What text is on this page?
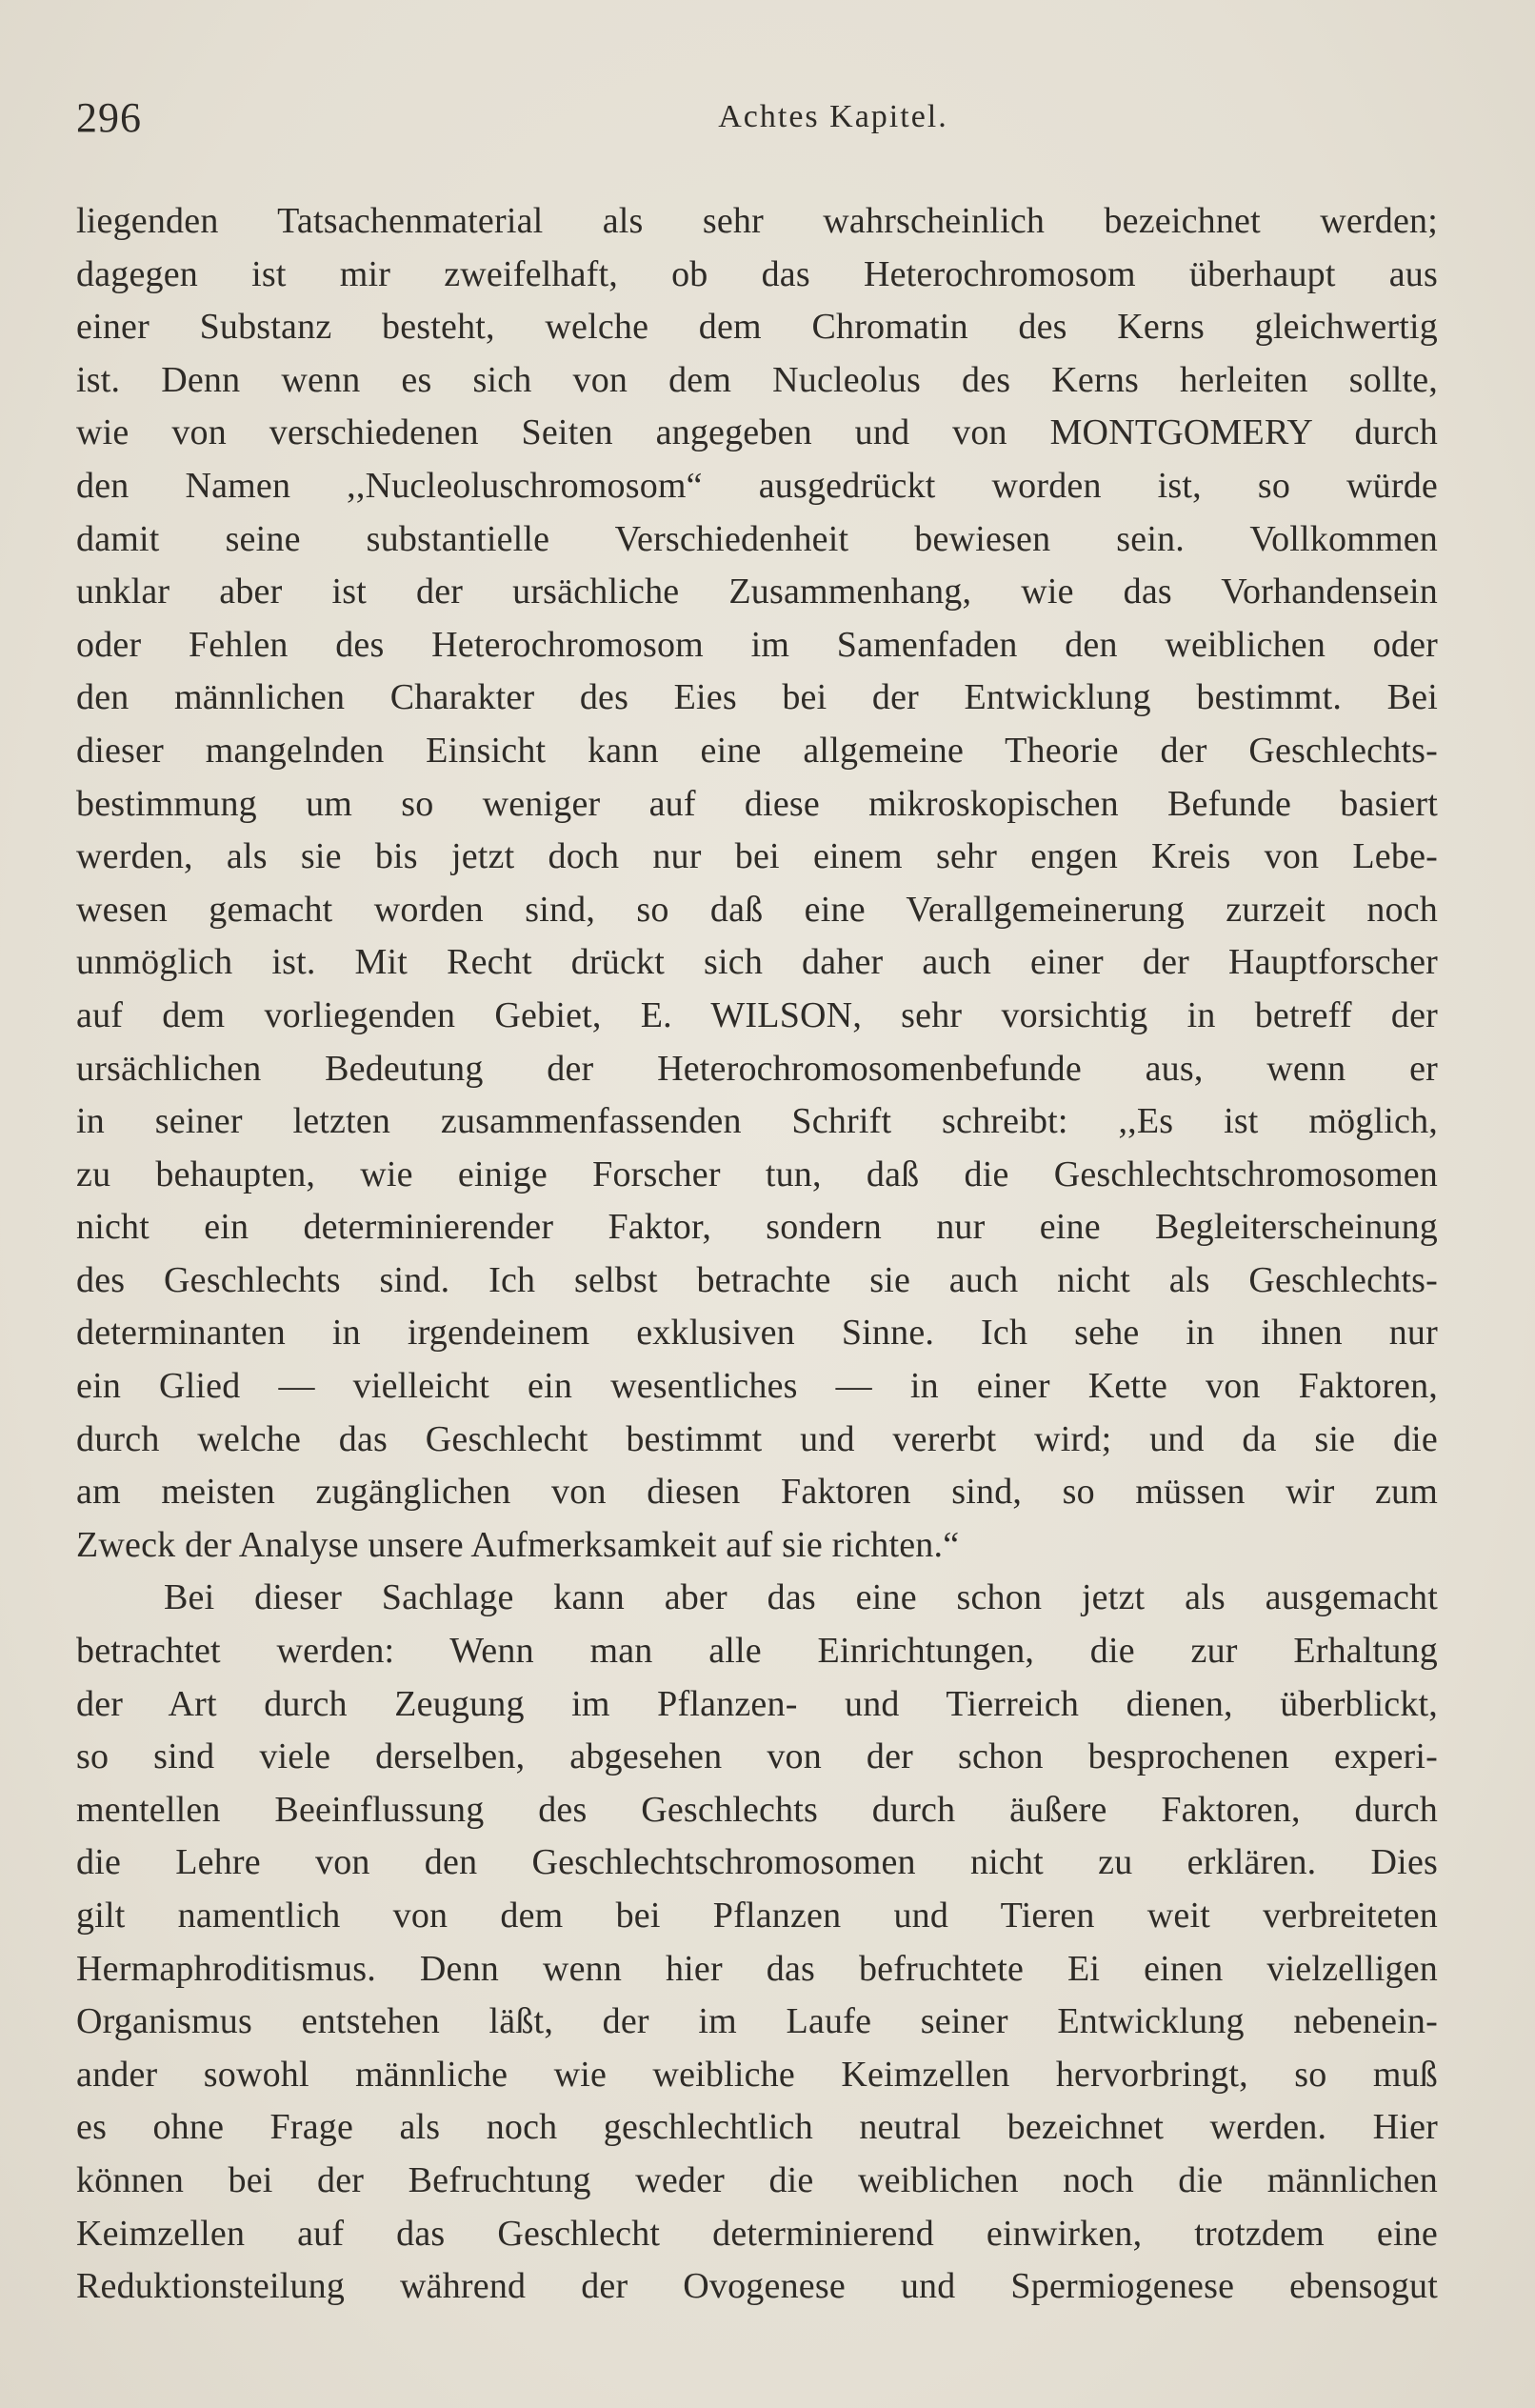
296	Achtes Kapitel.
liegenden Tatsachenmaterial als sehr wahrscheinlich bezeichnet werden;
dagegen ist mir zweifelhaft, ob das Heterochromosom überhaupt aus
einer Substanz besteht, welche dem Chromatin des Kerns gleichwertig
ist. Denn wenn es sich von dem Nucleolus des Kerns herleiten sollte,
wie von verschiedenen Seiten angegeben und von MONTGOMERY durch
den Namen ,,Nucleoluschromosom“ ausgedrückt worden ist, so würde
damit seine substantielle Verschiedenheit bewiesen sein. Vollkommen
unklar aber ist der ursächliche Zusammenhang, wie das Vorhandensein
oder Fehlen des Heterochromosom im Samenfaden den weiblichen oder
den männlichen Charakter des Eies bei der Entwicklung bestimmt. Bei
dieser mangelnden Einsicht kann eine allgemeine Theorie der Geschlechts-
bestimmung um so weniger auf diese mikroskopischen Befunde basiert
werden, als sie bis jetzt doch nur bei einem sehr engen Kreis von Lebe-
wesen gemacht worden sind, so daß eine Verallgemeinerung zurzeit noch
unmöglich ist. Mit Recht drückt sich daher auch einer der Hauptforscher
auf dem vorliegenden Gebiet, E. WILSON, sehr vorsichtig in betreff der
ursächlichen Bedeutung der Heterochromosomenbefunde aus, wenn er
in seiner letzten zusammenfassenden Schrift schreibt: ,,Es ist möglich,
zu behaupten, wie einige Forscher tun, daß die Geschlechtschromosomen
nicht ein determinierender Faktor, sondern nur eine Begleiterscheinung
des Geschlechts sind. Ich selbst betrachte sie auch nicht als Geschlechts-
determinanten in irgendeinem exklusiven Sinne. Ich sehe in ihnen nur
ein Glied — vielleicht ein wesentliches — in einer Kette von Faktoren,
durch welche das Geschlecht bestimmt und vererbt wird; und da sie die
am meisten zugänglichen von diesen Faktoren sind, so müssen wir zum
Zweck der Analyse unsere Aufmerksamkeit auf sie richten.“
Bei dieser Sachlage kann aber das eine schon jetzt als ausgemacht
betrachtet werden: Wenn man alle Einrichtungen, die zur Erhaltung
der Art durch Zeugung im Pflanzen- und Tierreich dienen, überblickt,
so sind viele derselben, abgesehen von der schon besprochenen experi-
mentellen Beeinflussung des Geschlechts durch äußere Faktoren, durch
die Lehre von den Geschlechtschromosomen nicht zu erklären. Dies
gilt namentlich von dem bei Pflanzen und Tieren weit verbreiteten
Hermaphroditismus. Denn wenn hier das befruchtete Ei einen vielzelligen
Organismus entstehen läßt, der im Laufe seiner Entwicklung nebenein-
ander sowohl männliche wie weibliche Keimzellen hervorbringt, so muß
es ohne Frage als noch geschlechtlich neutral bezeichnet werden. Hier
können bei der Befruchtung weder die weiblichen noch die männlichen
Keimzellen auf das Geschlecht determinierend einwirken, trotzdem eine
Reduktionsteilung während der Ovogenese und Spermiogenese ebensogut
